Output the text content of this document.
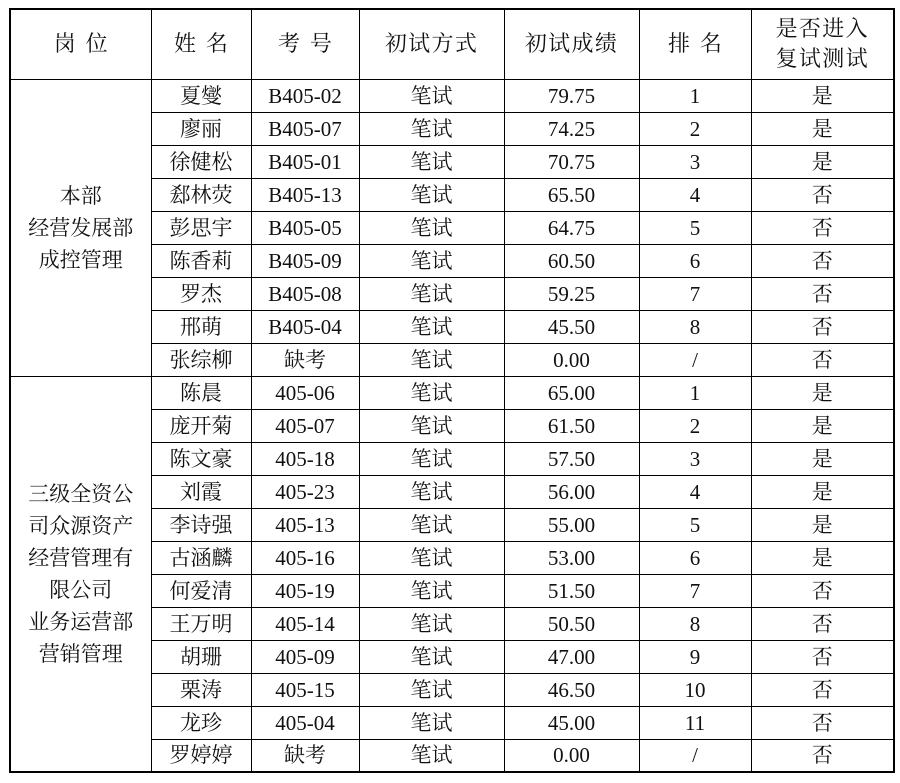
岗位	姓名	考号	初试方式	初试成绩	排名	是否进入
复试测试
本部
经营发展部
成控管理	夏燮	B405-02	笔试	79.75	1	是
	廖丽	B405-07	笔试	74.25	2	是
	徐健松	B405-01	笔试	70.75	3	是
	郄林荧	B405-13	笔试	65.50	4	否
	彭思宇	B405-05	笔试	64.75	5	否
	陈香莉	B405-09	笔试	60.50	6	否
	罗杰	B405-08	笔试	59.25	7	否
	邢萌	B405-04	笔试	45.50	8	否
	张综柳	缺考	笔试	0.00	/	否
三级全资公
司众源资产
经营管理有
限公司
业务运营部
营销管理	陈晨	405-06	笔试	65.00	1	是
	庞开菊	405-07	笔试	61.50	2	是
	陈文豪	405-18	笔试	57.50	3	是
	刘霞	405-23	笔试	56.00	4	是
	李诗强	405-13	笔试	55.00	5	是
	古涵麟	405-16	笔试	53.00	6	是
	何爱清	405-19	笔试	51.50	7	否
	王万明	405-14	笔试	50.50	8	否
	胡珊	405-09	笔试	47.00	9	否
	栗涛	405-15	笔试	46.50	10	否
	龙珍	405-04	笔试	45.00	11	否
	罗婷婷	缺考	笔试	0.00	/	否
